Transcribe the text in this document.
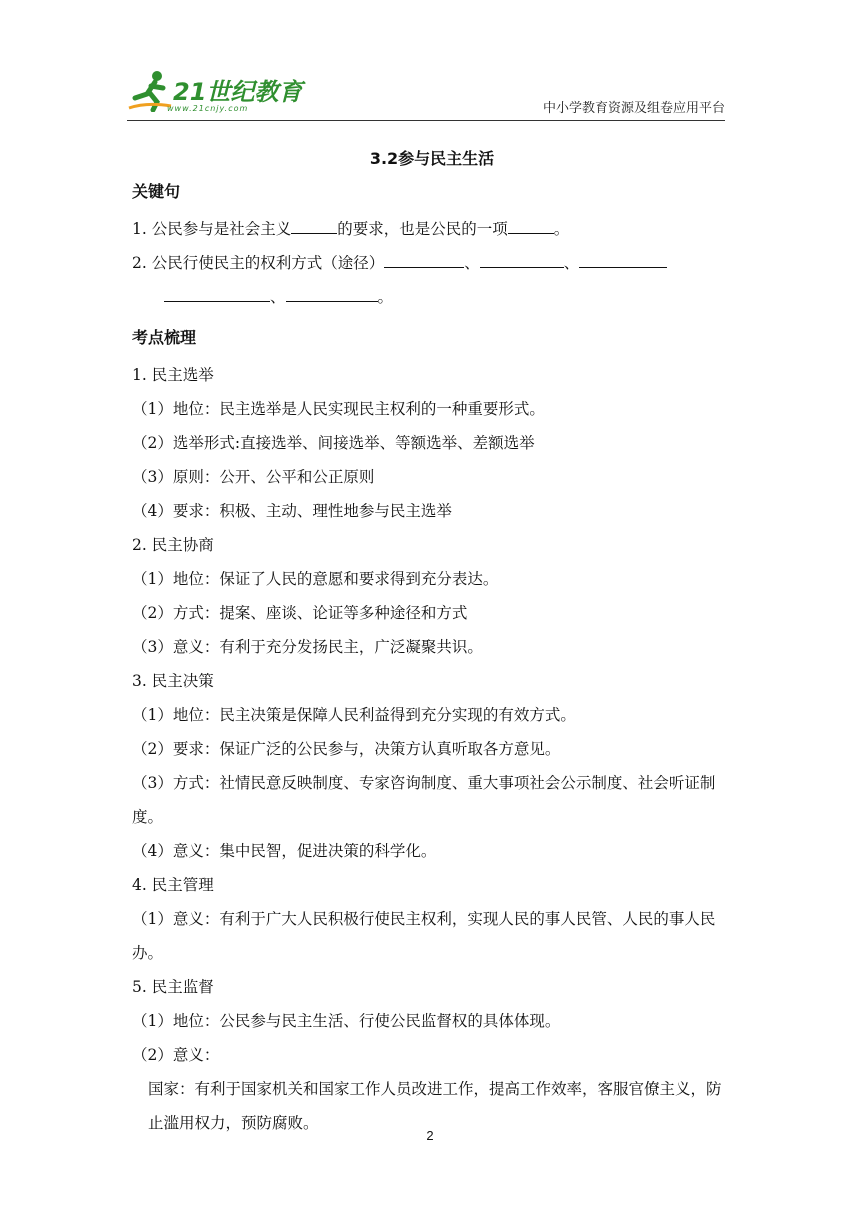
21世纪教育
www.21cnjy.com	中小学教育资源及组卷应用平台
3.2参与民主生活
关键句
1. 公民参与是社会主义	的要求，也是公民的一项	。
2. 公民行使民主的权利方式（途径）	、	、
、	。
考点梳理
1. 民主选举
（1）地位：民主选举是人民实现民主权利的一种重要形式。
（2）选举形式:直接选举、间接选举、等额选举、差额选举
（3）原则：公开、公平和公正原则
（4）要求：积极、主动、理性地参与民主选举
2. 民主协商
（1）地位：保证了人民的意愿和要求得到充分表达。
（2）方式：提案、座谈、论证等多种途径和方式
（3）意义：有利于充分发扬民主，广泛凝聚共识。
3. 民主决策
（1）地位：民主决策是保障人民利益得到充分实现的有效方式。
（2）要求：保证广泛的公民参与，决策方认真听取各方意见。
（3）方式：社情民意反映制度、专家咨询制度、重大事项社会公示制度、社会听证制度。
（4）意义：集中民智，促进决策的科学化。
4. 民主管理
（1）意义：有利于广大人民积极行使民主权利，实现人民的事人民管、人民的事人民办。
5. 民主监督
（1）地位：公民参与民主生活、行使公民监督权的具体体现。
（2）意义：
国家：有利于国家机关和国家工作人员改进工作，提高工作效率，客服官僚主义，防止滥用权力，预防腐败。
2
